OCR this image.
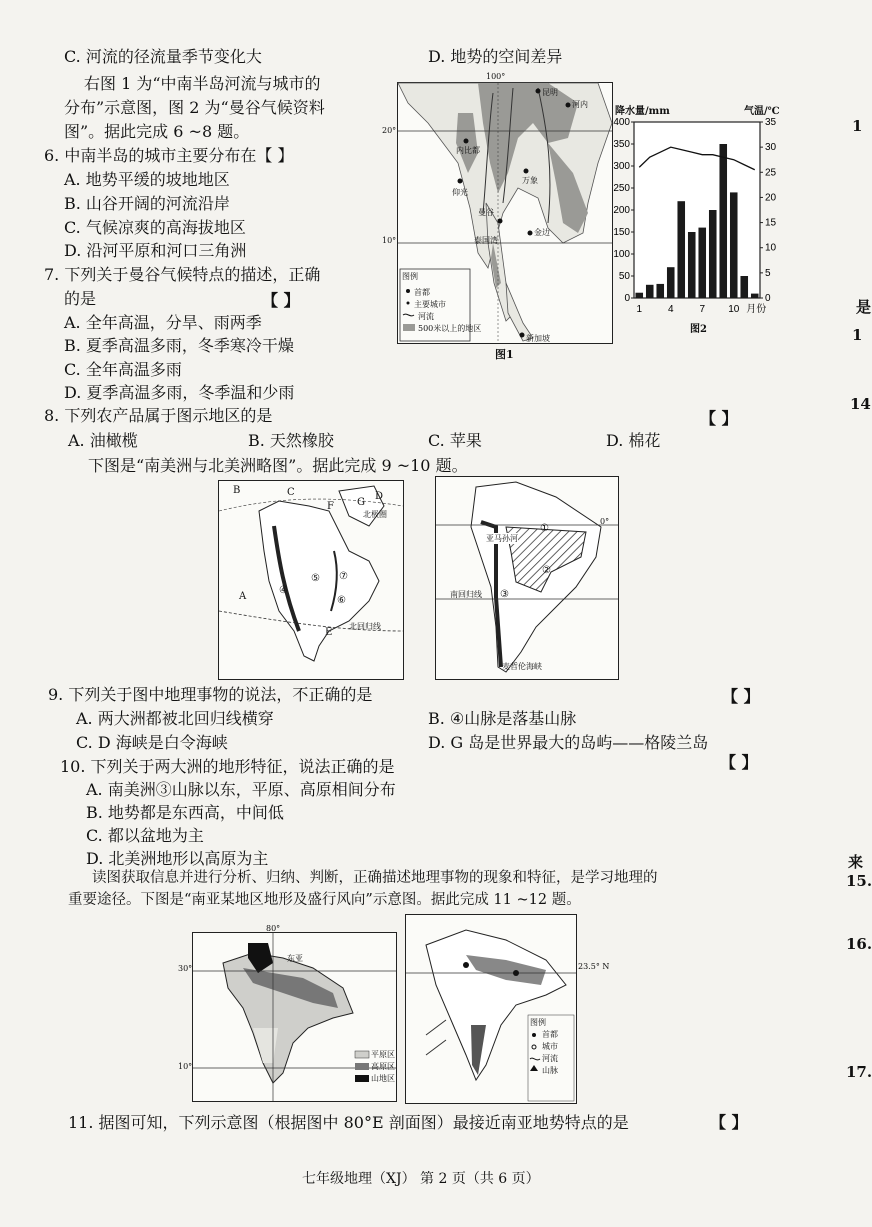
C. 河流的径流量季节变化大	D. 地势的空间差异
右图 1 为“中南半岛河流与城市的
分布”示意图，图 2 为“曼谷气候资料
图”。据此完成 6 ~8 题。
6. 中南半岛的城市主要分布在【 】
A. 地势平缓的坡地地区
B. 山谷开阔的河流沿岸
C. 气候凉爽的高海拔地区
D. 沿河平原和河口三角洲
7. 下列关于曼谷气候特点的描述，正确
的是	【 】
A. 全年高温，分旱、雨两季
B. 夏季高温多雨，冬季寒冷干燥
C. 全年高温多雨
D. 夏季高温多雨，冬季温和少雨
8. 下列农产品属于图示地区的是	【 】
A. 油橄榄	B. 天然橡胶	C. 苹果	D. 棉花
下图是“南美洲与北美洲略图”。据此完成 9 ~10 题。
图例
首都
主要城市
河流
500米以上的地区
昆明
河内
内比都
万象
仰光
曼谷
金边
泰国湾
新加坡
100°
20°
10°
图1
降水量/mm	气温/℃
0
50
100
150
200
250
300
350
400
0
5
10
15
20
25
30
35
1	4	7 10 月份
图2
9. 下列关于图中地理事物的说法，不正确的是
B	C
A
F G
D
E
④
⑤
⑥
⑦
北回归线
北极圈
亚马孙河
①
②
③
南回归线
0°
麦哲伦海峡
【 】
A. 两大洲都被北回归线横穿	B. ④山脉是落基山脉
C. D 海峡是白令海峡	D. G 岛是世界最大的岛屿——格陵兰岛
10. 下列关于两大洲的地形特征，说法正确的是	【 】
A. 南美洲③山脉以东，平原、高原相间分布
B. 地势都是东西高，中间低
C. 都以盆地为主
D. 北美洲地形以高原为主
读图获取信息并进行分析、归纳、判断，正确描述地理事物的现象和特征，是学习地理的
重要途径。下图是“南亚某地区地形及盛行风向”示意图。据此完成 11 ~12 题。
东亚
平原区
高原区
山地区
80°
30°
10°
图例
首都
城市
河流
山脉
23.5° N
11. 据图可知，下列示意图（根据图中 80°E 剖面图）最接近南亚地势特点的是	【 】
七年级地理（XJ） 第 2 页（共 6 页）
1
是
1
14
来
15.
16.
17.
